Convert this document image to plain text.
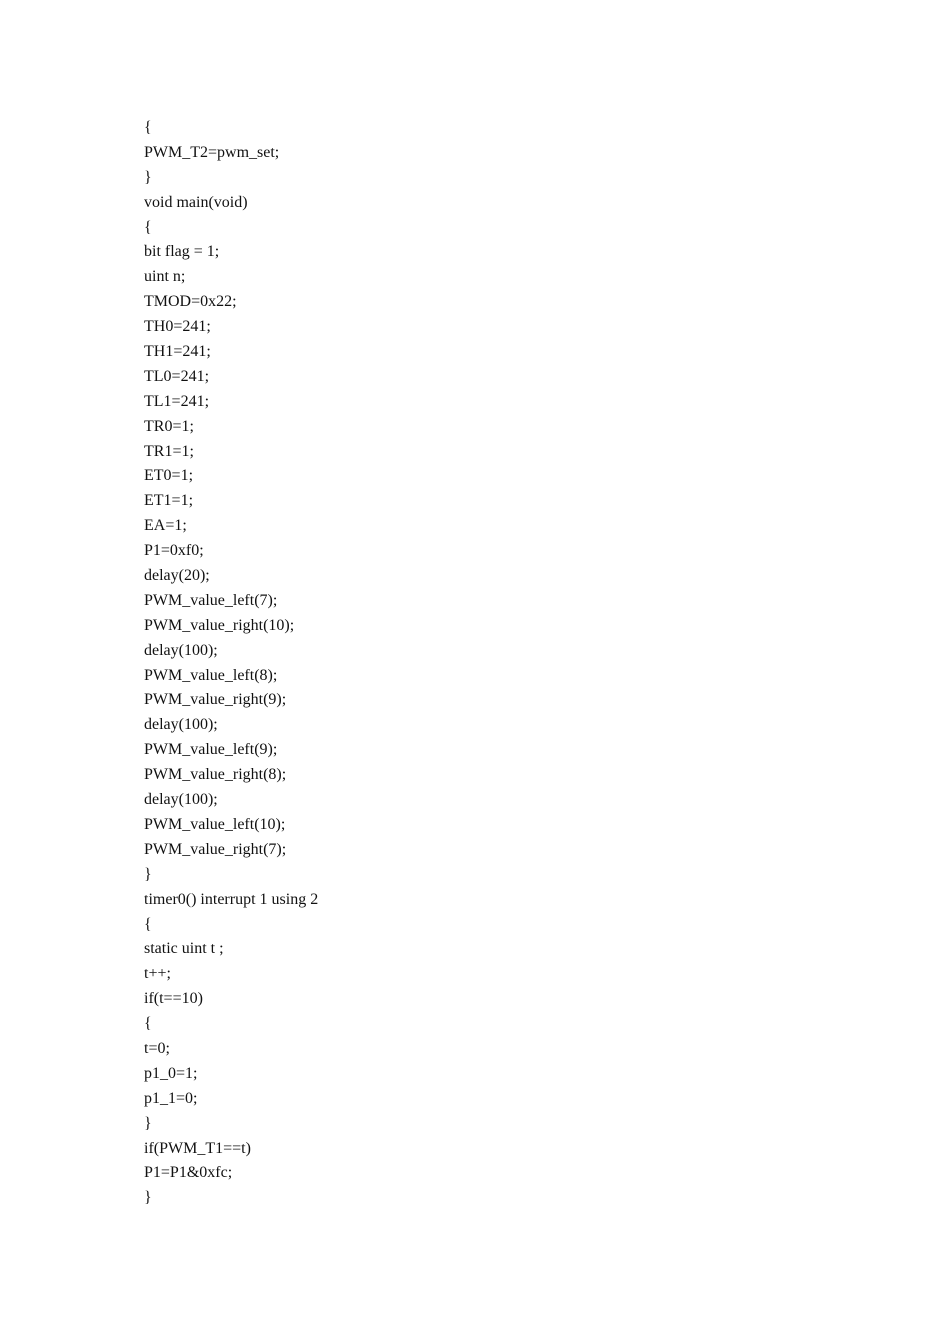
{
PWM_T2=pwm_set;
}
void main(void)
{
bit flag = 1;
uint n;
TMOD=0x22;
TH0=241;
TH1=241;
TL0=241;
TL1=241;
TR0=1;
TR1=1;
ET0=1;
ET1=1;
EA=1;
P1=0xf0;
delay(20);
PWM_value_left(7);
PWM_value_right(10);
delay(100);
PWM_value_left(8);
PWM_value_right(9);
delay(100);
PWM_value_left(9);
PWM_value_right(8);
delay(100);
PWM_value_left(10);
PWM_value_right(7);
}
timer0() interrupt 1 using 2
{
static uint t ;
t++;
if(t==10)
{
t=0;
p1_0=1;
p1_1=0;
}
if(PWM_T1==t)
P1=P1&0xfc;
}
